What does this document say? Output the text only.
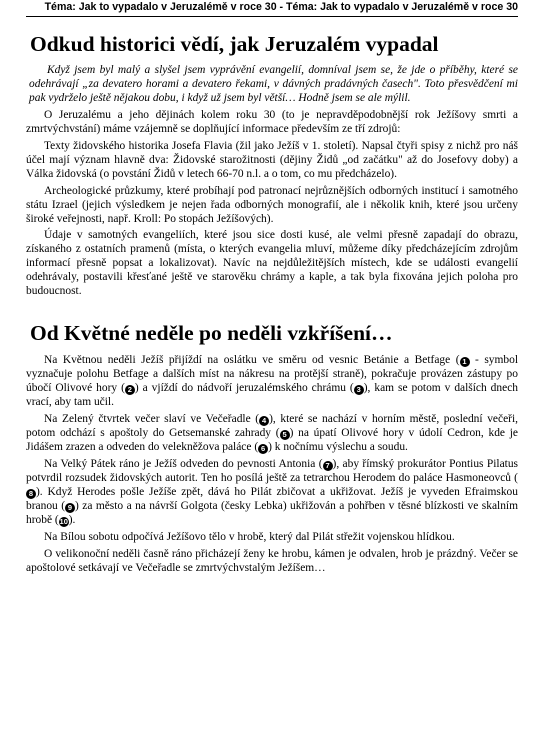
Téma: Jak to vypadalo v Jeruzalémě v roce 30 - Téma: Jak to vypadalo v Jeruzalémě v roce 30
Odkud historici vědí, jak Jeruzalém vypadal

Když jsem byl malý a slyšel jsem vyprávění evangelií, domníval jsem se, že jde o příběhy, které se odehrávají „za devatero horami a devatero řekami, v dávných pradávných časech". Toto přesvědčení mi pak vydrželo ještě nějakou dobu, i když už jsem byl větší… Hodně jsem se ale mýlil.

O Jeruzalému a jeho dějinách kolem roku 30 (to je nepravděpodobnější rok Ježíšovy smrti a zmrtvýchvstání) máme vzájemně se doplňující informace především ze tří zdrojů:

Texty židovského historika Josefa Flavia (žil jako Ježíš v 1. století). Napsal čtyři spisy z nichž pro náš účel mají význam hlavně dva: Židovské starožitnosti (dějiny Židů „od začátku" až do Josefovy doby) a Válka židovská (o povstání Židů v letech 66-70 n.l. a o tom, co mu předcházelo).

Archeologické průzkumy, které probíhají pod patronací nejrůznějších odborných institucí i samotného státu Izrael (jejich výsledkem je nejen řada odborných monografií, ale i několik knih, které jsou určeny široké veřejnosti, např. Kroll: Po stopách Ježíšových).

Údaje v samotných evangeliích, které jsou sice dosti kusé, ale velmi přesně zapadají do obrazu, získaného z ostatních pramenů (místa, o kterých evangelia mluví, můžeme díky předcházejícím zdrojům informací přesně popsat a lokalizovat). Navíc na nejdůležitějších místech, kde se události evangelií odehrávaly, postavili křesťané ještě ve starověku chrámy a kaple, a tak byla fixována jejich poloha pro budoucnost.

Od Květné neděle po neděli vzkříšení…

Na Květnou neděli Ježíš přijíždí na oslátku ve směru od vesnic Betánie a Betfage ( 1 - symbol vyznačuje polohu Betfage a dalších míst na nákresu na protější straně), pokračuje provázen zástupy po úbočí Olivové hory ( 2 ) a vjíždí do nádvoří jeruzalémského chrámu ( 3 ), kam se potom v dalších dnech vrací, aby tam učil.

Na Zelený čtvrtek večer slaví ve Večeřadle ( 4 ), které se nachází v horním městě, poslední večeři, potom odchází s apoštoly do Getsemanské zahrady ( 5 ) na úpatí Olivové hory v údolí Cedron, kde je Jidášem zrazen a odveden do velekněžova paláce ( 6 ) k nočnímu výslechu a soudu.

Na Velký Pátek ráno je Ježíš odveden do pevnosti Antonia ( 7 ), aby římský prokurátor Pontius Pilatus potvrdil rozsudek židovských autorit. Ten ho posílá ještě za tetrarchou Herodem do paláce Hasmoneovců (8 ). Když Herodes pošle Ježíše zpět, dává ho Pilát zbičovat a ukřižovat. Ježíš je vyveden Efraimskou branou ( 9 ) za město a na návrší Golgota (česky Lebka) ukřižován a pohřben v těsné blízkosti ve skalním hrobě (10).

Na Bílou sobotu odpočívá Ježíšovo tělo v hrobě, který dal Pilát střežit vojenskou hlídkou.

O velikonoční neděli časně ráno přicházejí ženy ke hrobu, kámen je odvalen, hrob je prázdný. Večer se apoštolové setkávají ve Večeřadle se zmrtvýchvstalým Ježíšem…
